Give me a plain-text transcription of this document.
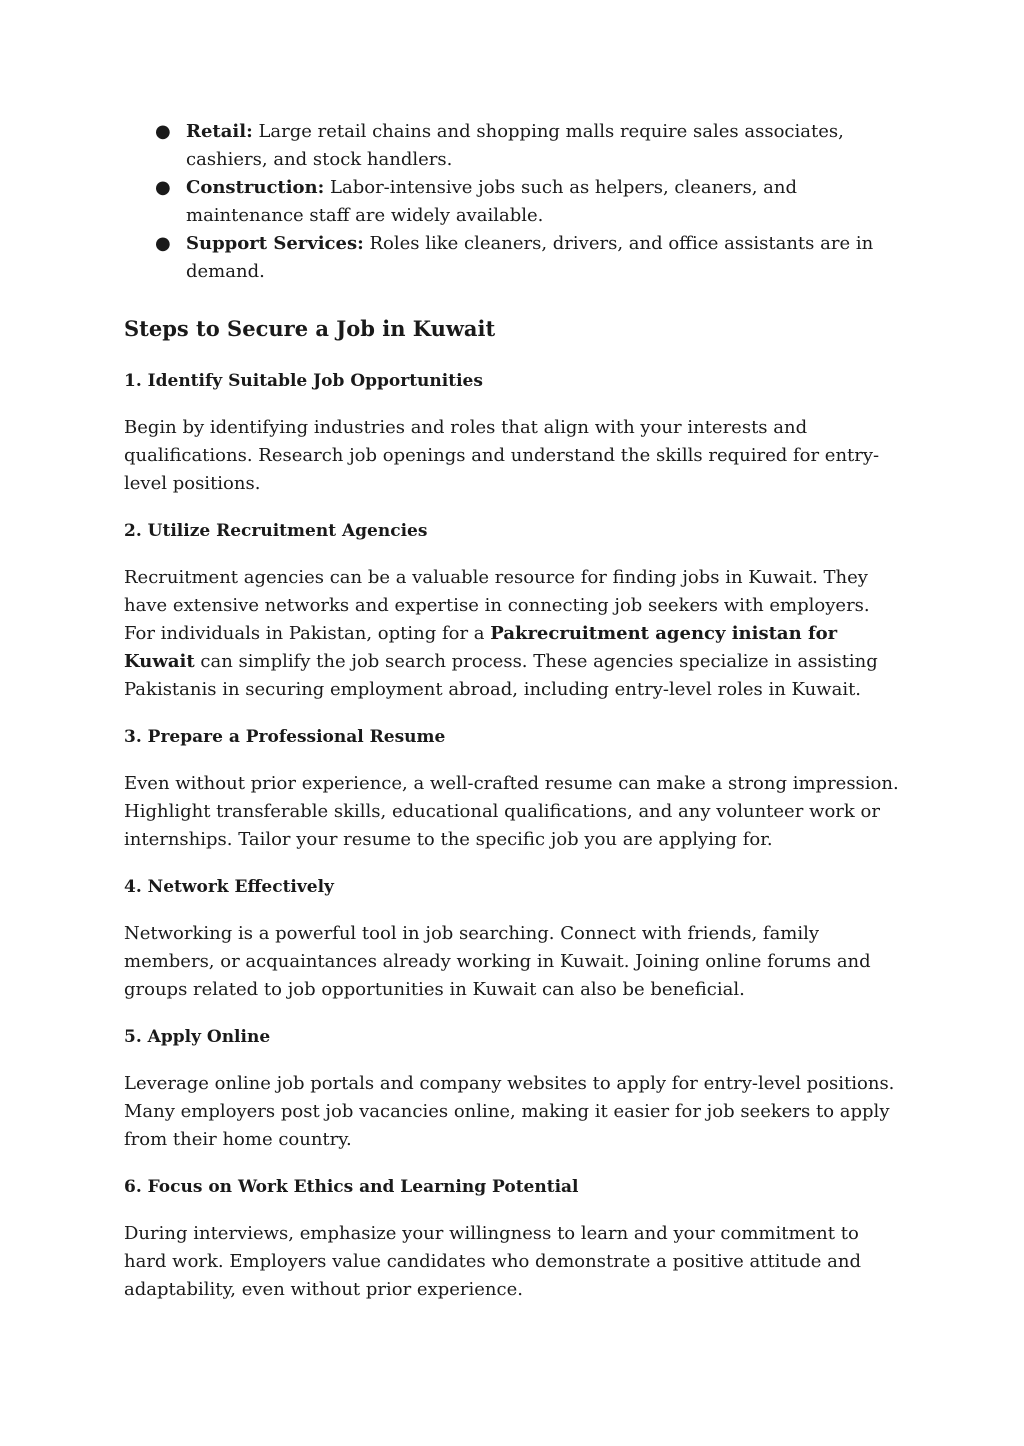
● Retail: Large retail chains and shopping malls require sales associates, cashiers, and stock handlers.
● Construction: Labor-intensive jobs such as helpers, cleaners, and maintenance staff are widely available.
● Support Services: Roles like cleaners, drivers, and office assistants are in demand.
Steps to Secure a Job in Kuwait
1. Identify Suitable Job Opportunities

Begin by identifying industries and roles that align with your interests and qualifications. Research job openings and understand the skills required for entry-level positions.

2. Utilize Recruitment Agencies

Recruitment agencies can be a valuable resource for finding jobs in Kuwait. They have extensive networks and expertise in connecting job seekers with employers. For individuals in Pakistan, opting for a Pakrecruitment agency inistan for Kuwait can simplify the job search process. These agencies specialize in assisting Pakistanis in securing employment abroad, including entry-level roles in Kuwait.

3. Prepare a Professional Resume

Even without prior experience, a well-crafted resume can make a strong impression. Highlight transferable skills, educational qualifications, and any volunteer work or internships. Tailor your resume to the specific job you are applying for.

4. Network Effectively

Networking is a powerful tool in job searching. Connect with friends, family members, or acquaintances already working in Kuwait. Joining online forums and groups related to job opportunities in Kuwait can also be beneficial.

5. Apply Online

Leverage online job portals and company websites to apply for entry-level positions. Many employers post job vacancies online, making it easier for job seekers to apply from their home country.

6. Focus on Work Ethics and Learning Potential

During interviews, emphasize your willingness to learn and your commitment to hard work. Employers value candidates who demonstrate a positive attitude and adaptability, even without prior experience.
